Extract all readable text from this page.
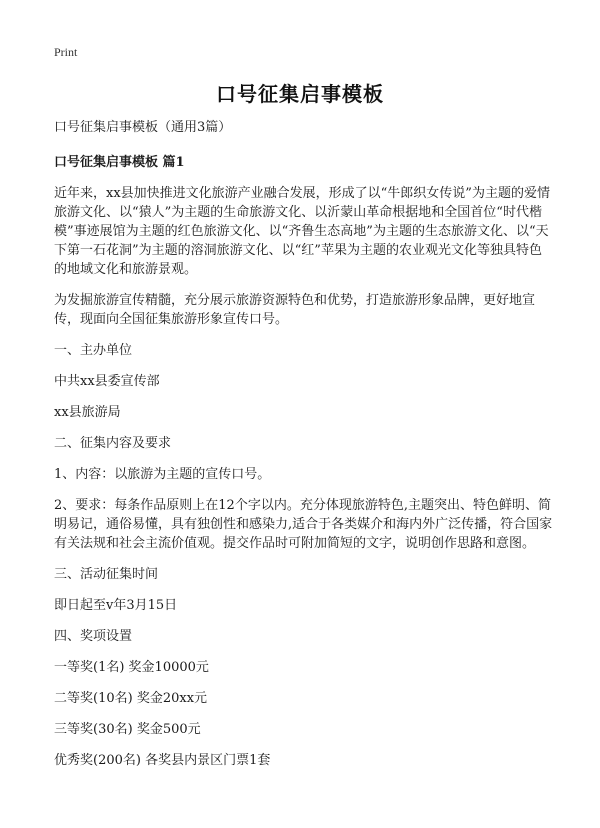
Print
口号征集启事模板

口号征集启事模板（通用3篇）

口号征集启事模板 篇1

近年来，xx县加快推进文化旅游产业融合发展，形成了以“牛郎织女传说”为主题的爱情旅游文化、以“猿人”为主题的生命旅游文化、以沂蒙山革命根据地和全国首位“时代楷模”事迹展馆为主题的红色旅游文化、以“齐鲁生态高地”为主题的生态旅游文化、以“天下第一石花洞”为主题的溶洞旅游文化、以“红”苹果为主题的农业观光文化等独具特色的地域文化和旅游景观。

为发掘旅游宣传精髓，充分展示旅游资源特色和优势，打造旅游形象品牌，更好地宣传，现面向全国征集旅游形象宣传口号。

一、主办单位

中共xx县委宣传部

xx县旅游局

二、征集内容及要求

1、内容：以旅游为主题的宣传口号。

2、要求：每条作品原则上在12个字以内。充分体现旅游特色,主题突出、特色鲜明、简明易记，通俗易懂，具有独创性和感染力,适合于各类媒介和海内外广泛传播，符合国家有关法规和社会主流价值观。提交作品时可附加简短的文字，说明创作思路和意图。

三、活动征集时间

即日起至v年3月15日

四、奖项设置

一等奖(1名) 奖金10000元

二等奖(10名) 奖金20xx元

三等奖(30名) 奖金500元

优秀奖(200名) 各奖县内景区门票1套
